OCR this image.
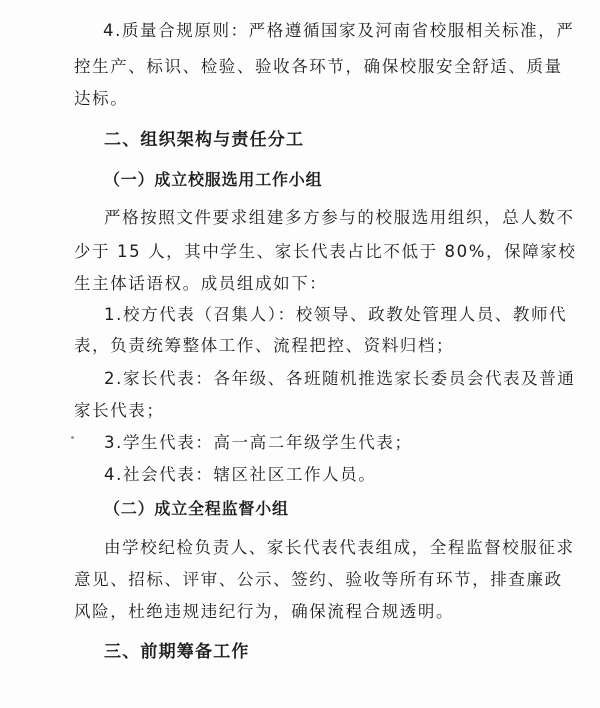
4.质量合规原则：严格遵循国家及河南省校服相关标准，严
控生产、标识、检验、验收各环节，确保校服安全舒适、质量
达标。
二、组织架构与责任分工
（一）成立校服选用工作小组
严格按照文件要求组建多方参与的校服选用组织，总人数不
少于 15 人，其中学生、家长代表占比不低于 80%，保障家校
生主体话语权。成员组成如下：
1.校方代表（召集人）：校领导、政教处管理人员、教师代
表，负责统筹整体工作、流程把控、资料归档；
2.家长代表：各年级、各班随机推选家长委员会代表及普通
家长代表；
3.学生代表：高一高二年级学生代表；
4.社会代表：辖区社区工作人员。
（二）成立全程监督小组
由学校纪检负责人、家长代表代表组成，全程监督校服征求
意见、招标、评审、公示、签约、验收等所有环节，排查廉政
风险，杜绝违规违纪行为，确保流程合规透明。
三、前期筹备工作
